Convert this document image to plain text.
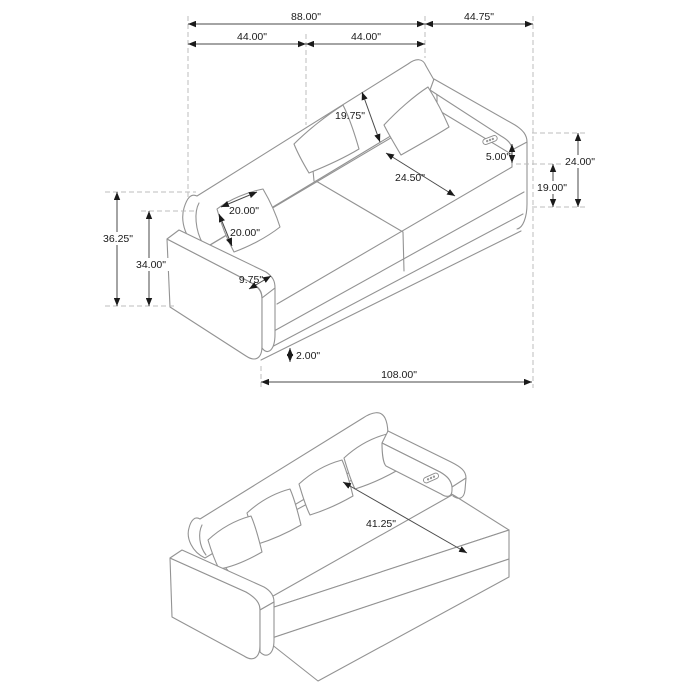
88.00"	44.75"
44.00"	44.00"
19.75"
24.50"
5.00"	24.00"
19.00"
36.25"
34.00"
20.00"
20.00"
9.75"
2.00"
108.00"
41.25"
